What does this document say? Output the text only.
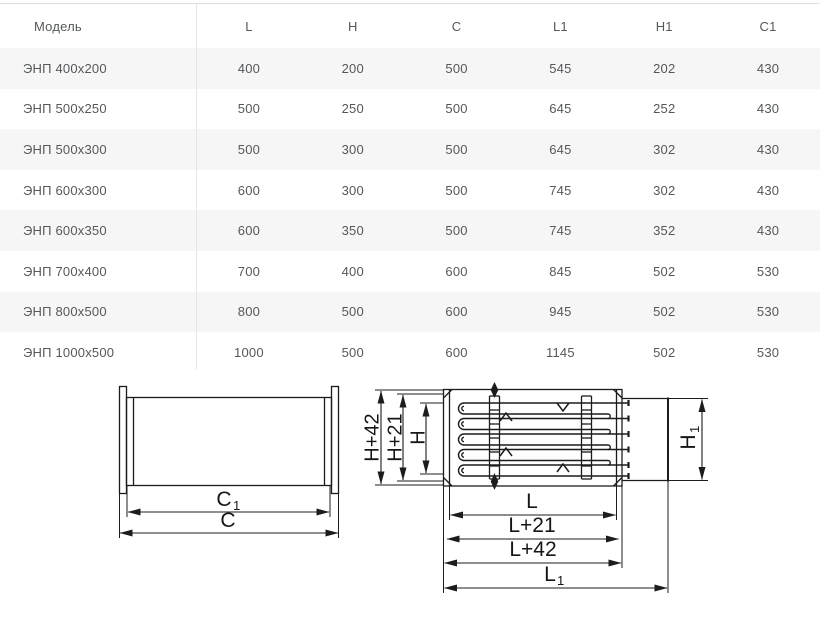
Модель	L	H	C	L1	H1	C1
ЭНП 400x200	400	200	500	545	202	430
ЭНП 500x250	500	250	500	645	252	430
ЭНП 500x300	500	300	500	645	302	430
ЭНП 600x300	600	300	500	745	302	430
ЭНП 600x350	600	350	500	745	352	430
ЭНП 700x400	700	400	600	845	502	530
ЭНП 800x500	800	500	600	945	502	530
ЭНП 1000x500	1000	500	600	1145	502	530
C 1
C
H+42 H+21 H	H
1
L
L+21
L+42
L 1
